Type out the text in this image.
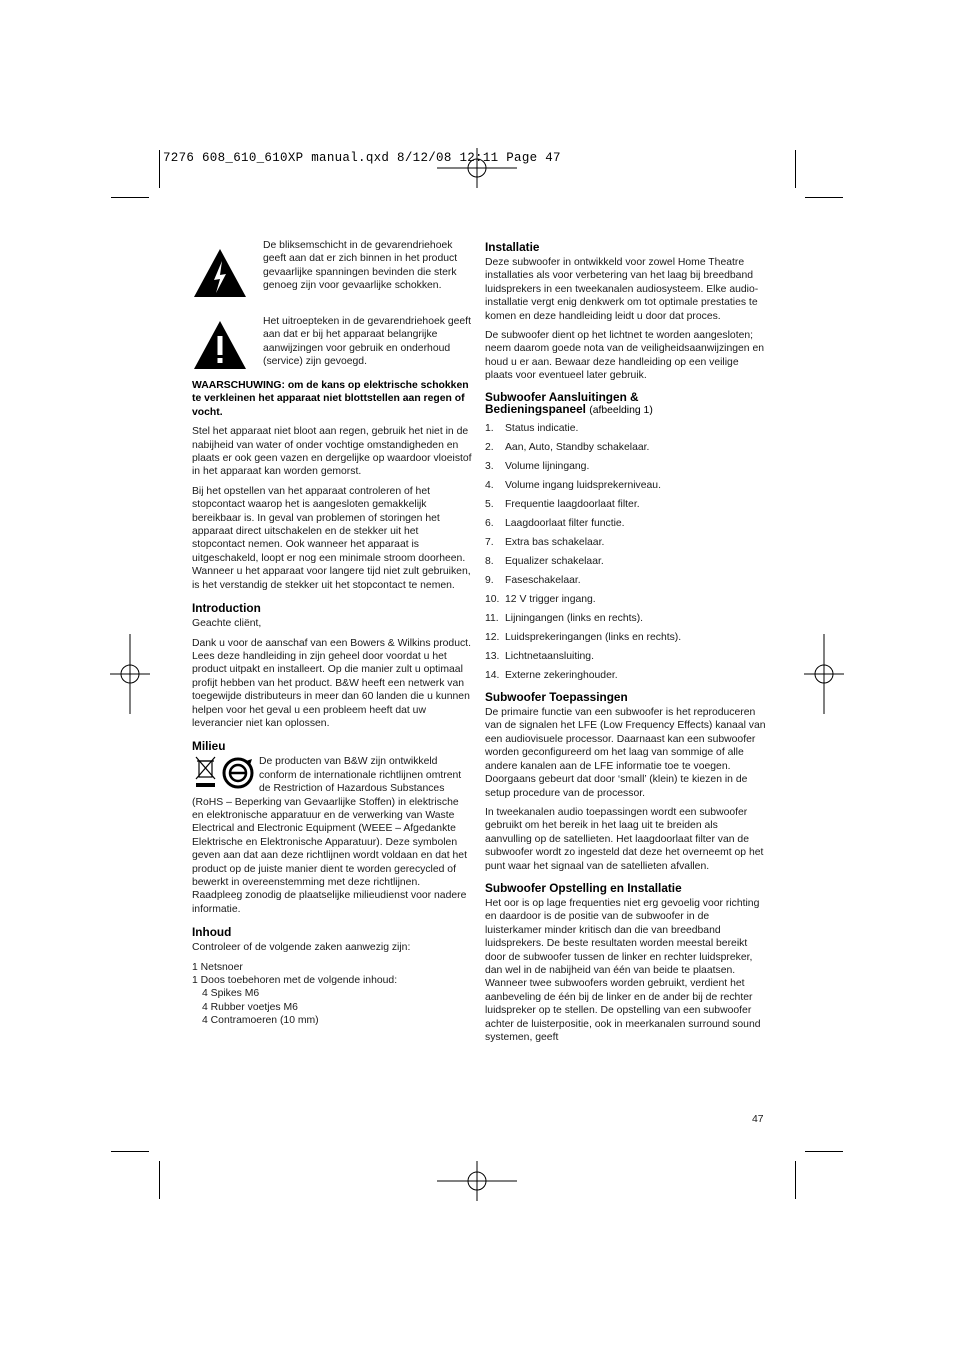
7276 608_610_610XP manual.qxd 8/12/08 12:11 Page 47
De bliksemschicht in de gevarendriehoek geeft aan dat er zich binnen in het product gevaarlijke spanningen bevinden die sterk genoeg zijn voor gevaarlijke schokken.
Het uitroepteken in de gevarendriehoek geeft aan dat er bij het apparaat belangrijke aanwijzingen voor gebruik en onderhoud (service) zijn gevoegd.

WAARSCHUWING: om de kans op elektrische schokken te verkleinen het apparaat niet blottstellen aan regen of vocht.

Stel het apparaat niet bloot aan regen, gebruik het niet in de nabijheid van water of onder vochtige omstandigheden en plaats er ook geen vazen en dergelijke op waardoor vloeistof in het apparaat kan worden gemorst.

Bij het opstellen van het apparaat controleren of het stopcontact waarop het is aangesloten gemakkelijk bereikbaar is. In geval van problemen of storingen het apparaat direct uitschakelen en de stekker uit het stopcontact nemen. Ook wanneer het apparaat is uitgeschakeld, loopt er nog een minimale stroom doorheen. Wanneer u het apparaat voor langere tijd niet zult gebruiken, is het verstandig de stekker uit het stopcontact te nemen.

Introduction

Geachte cliënt,

Dank u voor de aanschaf van een Bowers & Wilkins product. Lees deze handleiding in zijn geheel door voordat u het product uitpakt en installeert. Op die manier zult u optimaal profijt hebben van het product. B&W heeft een netwerk van toegewijde distributeurs in meer dan 60 landen die u kunnen helpen voor het geval u een probleem heeft dat uw leverancier niet kan oplossen.

Milieu
De producten van B&W zijn ontwikkeld conform de internationale richtlijnen omtrent de Restriction of Hazardous Substances (RoHS – Beperking van Gevaarlijke Stoffen) in elektrische en elektronische apparatuur en de verwerking van Waste Electrical and Electronic Equipment (WEEE – Afgedankte Elektrische en Elektronische Apparatuur). Deze symbolen geven aan dat aan deze richtlijnen wordt voldaan en dat het product op de juiste manier dient te worden gerecycled of bewerkt in overeenstemming met deze richtlijnen. Raadpleeg zonodig de plaatselijke milieudienst voor nadere informatie.
Inhoud

Controleer of de volgende zaken aanwezig zijn:

1 Netsnoer
1 Doos toebehoren met de volgende inhoud:
4 Spikes M6
4 Rubber voetjes M6
4 Contramoeren (10 mm)
Installatie

Deze subwoofer in ontwikkeld voor zowel Home Theatre installaties als voor verbetering van het laag bij breedband luidsprekers in een tweekanalen audiosysteem. Elke audio-installatie vergt enig denkwerk om tot optimale prestaties te komen en deze handleiding leidt u door dat proces.

De subwoofer dient op het lichtnet te worden aangesloten; neem daarom goede nota van de veiligheidsaanwijzingen en houd u er aan. Bewaar deze handleiding op een veilige plaats voor eventueel later gebruik.

Subwoofer Aansluitingen &
Bedieningspaneel (afbeelding 1)
1. Status indicatie.
2. Aan, Auto, Standby schakelaar.
3. Volume lijningang.
4. Volume ingang luidsprekerniveau.
5. Frequentie laagdoorlaat filter.
6. Laagdoorlaat filter functie.
7. Extra bas schakelaar.
8. Equalizer schakelaar.
9. Faseschakelaar.
10. 12 V trigger ingang.
11. Lijningangen (links en rechts).
12. Luidsprekeringangen (links en rechts).
13. Lichtnetaansluiting.
14. Externe zekeringhouder.
Subwoofer Toepassingen

De primaire functie van een subwoofer is het reproduceren van de signalen het LFE (Low Frequency Effects) kanaal van een audiovisuele processor. Daarnaast kan een subwoofer worden geconfigureerd om het laag van sommige of alle andere kanalen aan de LFE informatie toe te voegen. Doorgaans gebeurt dat door ‘small’ (klein) te kiezen in de setup procedure van de processor.

In tweekanalen audio toepassingen wordt een subwoofer gebruikt om het bereik in het laag uit te breiden als aanvulling op de satellieten. Het laagdoorlaat filter van de subwoofer wordt zo ingesteld dat deze het overneemt op het punt waar het signaal van de satellieten afvallen.

Subwoofer Opstelling en Installatie

Het oor is op lage frequenties niet erg gevoelig voor richting en daardoor is de positie van de subwoofer in de luisterkamer minder kritisch dan die van breedband luidsprekers. De beste resultaten worden meestal bereikt door de subwoofer tussen de linker en rechter luidspreker, dan wel in de nabijheid van één van beide te plaatsen. Wanneer twee subwoofers worden gebruikt, verdient het aanbeveling de één bij de linker en de ander bij de rechter luidspreker op te stellen. De opstelling van een subwoofer achter de luisterpositie, ook in meerkanalen surround sound systemen, geeft

47
